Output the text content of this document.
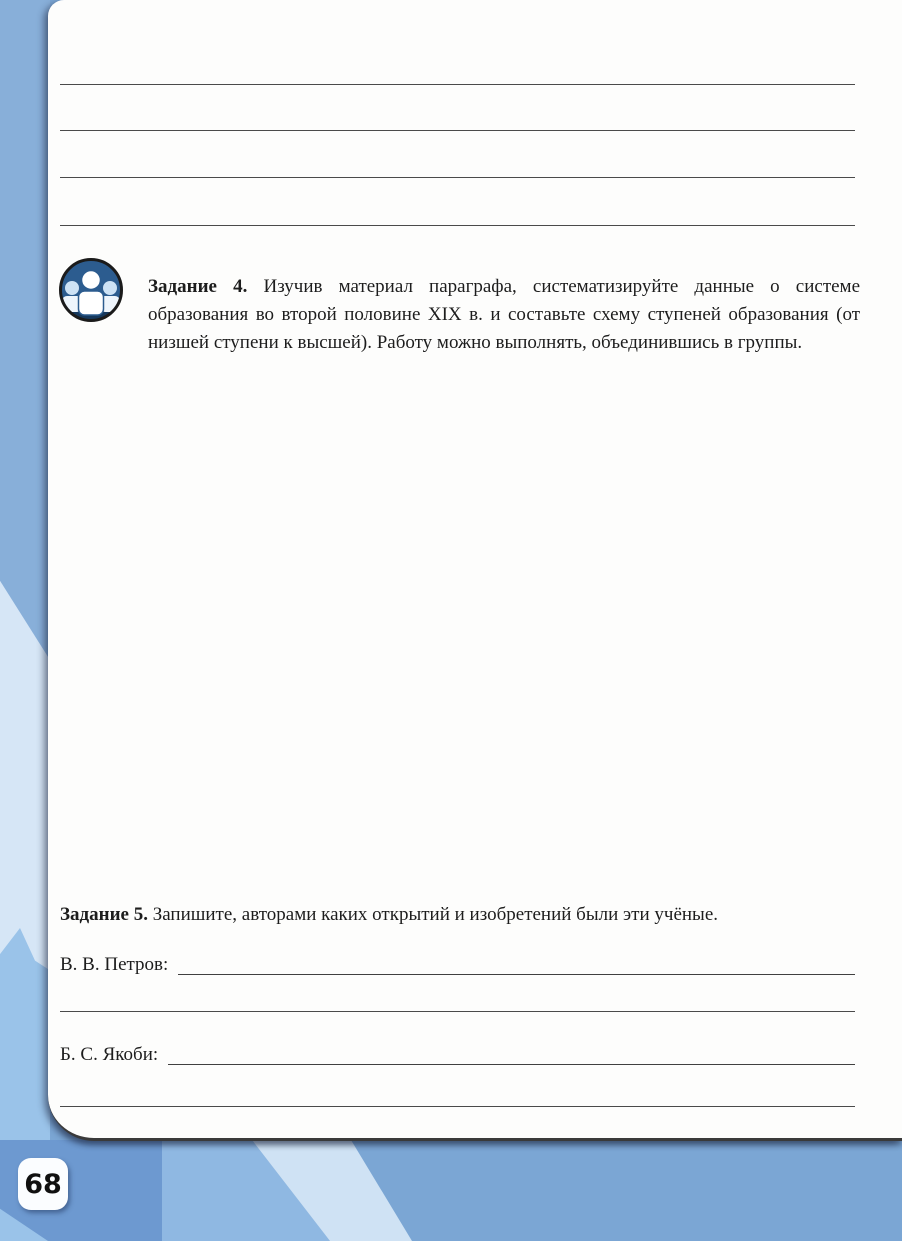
Задание 4. Изучив материал параграфа, систематизируйте данные о системе образования во второй половине XIX в. и составьте схему ступеней образования (от низшей ступени к высшей). Работу можно выполнять, объединившись в группы.

Задание 5. Запишите, авторами каких открытий и изобретений были эти учёные.

В. В. Петров:
Б. С. Якоби:
68
